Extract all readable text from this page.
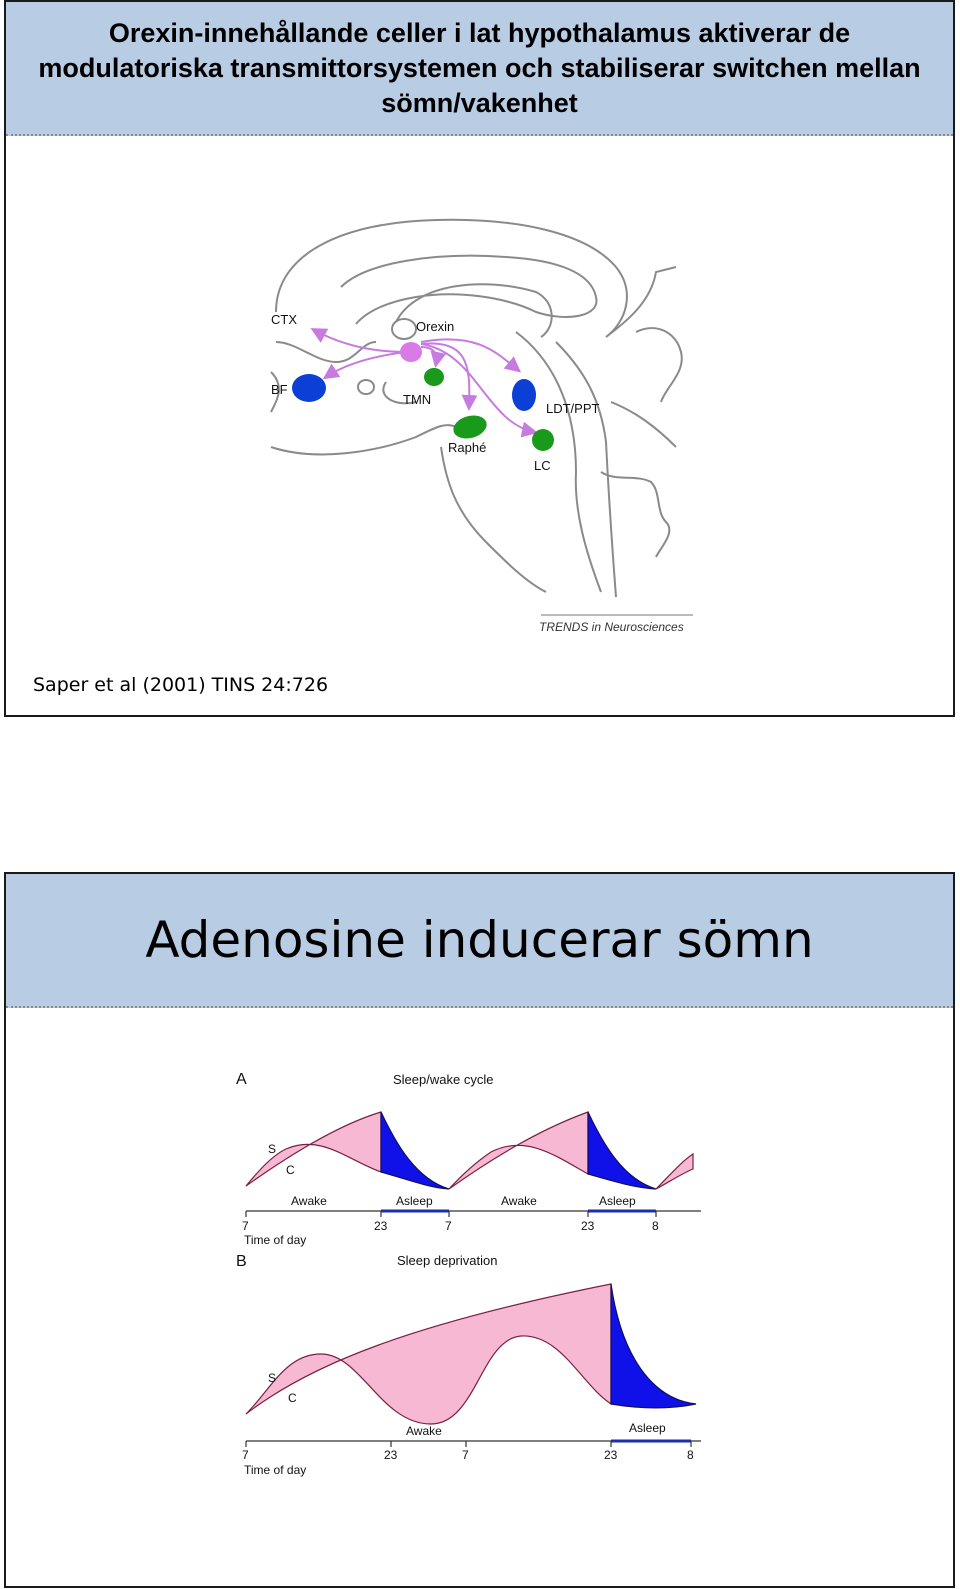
Orexin-innehållande celler i lat hypothalamus aktiverar de modulatoriska transmittorsystemen och stabiliserar switchen mellan sömn/vakenhet
CTX	Orexin
BF
TMN
Raphé
LDT/PPT
LC
TRENDS in Neurosciences
Saper et al (2001) TINS 24:726
Adenosine inducerar sömn
A	Sleep/wake cycle
S
C
Awake	Asleep	Awake	Asleep
7	23	7	23	8
Time of day
B	Sleep deprivation
S
C
Awake	Asleep
7	23	7	23	8
Time of day
